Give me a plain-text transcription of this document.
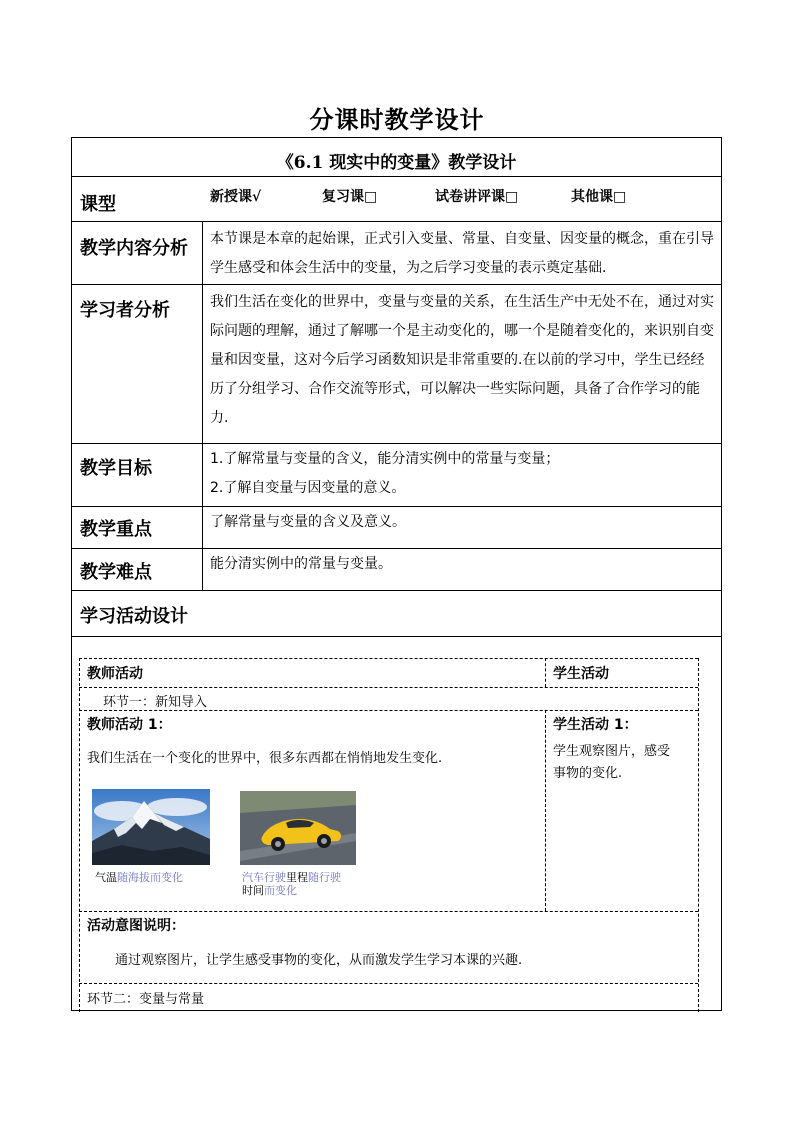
分课时教学设计
《6.1 现实中的变量》教学设计
课型	新授课√	复习课□	试卷讲评课□	其他课□
教学内容分析 本节课是本章的起始课，正式引入变量、常量、自变量、因变量的概念，重在引导
学生感受和体会生活中的变量，为之后学习变量的表示奠定基础.
学习者分析	我们生活在变化的世界中，变量与变量的关系，在生活生产中无处不在，通过对实
际问题的理解，通过了解哪一个是主动变化的，哪一个是随着变化的，来识别自变
量和因变量，这对今后学习函数知识是非常重要的.在以前的学习中，学生已经经
历了分组学习、合作交流等形式，可以解决一些实际问题，具备了合作学习的能
力.
教学目标	1.了解常量与变量的含义，能分清实例中的常量与变量；
2.了解自变量与因变量的意义。
教学重点	了解常量与变量的含义及意义。
教学难点	能分清实例中的常量与变量。
学习活动设计
教师活动	学生活动
环节一：新知导入
教师活动 1：
我们生活在一个变化的世界中，很多东西都在悄悄地发生变化.
学生活动 1：
学生观察图片，感受
事物的变化.
气温随海拔而变化	汽车行驶里程随行驶
时间而变化
活动意图说明：
通过观察图片，让学生感受事物的变化，从而激发学生学习本课的兴趣.
环节二：变量与常量
